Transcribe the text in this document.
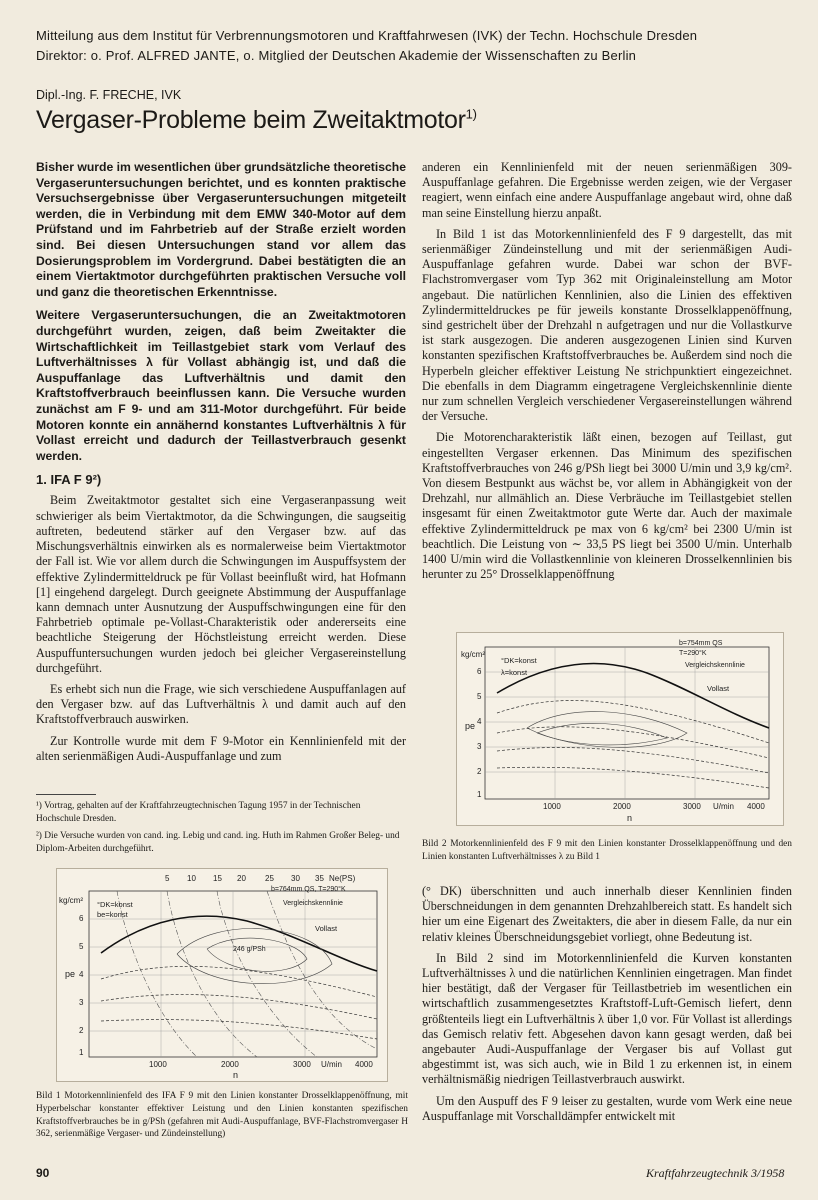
Mitteilung aus dem Institut für Verbrennungsmotoren und Kraftfahrwesen (IVK) der Techn. Hochschule Dresden
Direktor: o. Prof. ALFRED JANTE, o. Mitglied der Deutschen Akademie der Wissenschaften zu Berlin
Dipl.-Ing. F. FRECHE, IVK
Vergaser-Probleme beim Zweitaktmotor$^{1)}$
Bisher wurde im wesentlichen über grundsätzliche theoretische Vergaseruntersuchungen berichtet, und es konnten praktische Versuchsergebnisse über Vergaseruntersuchungen mitgeteilt werden, die in Verbindung mit dem EMW 340-Motor auf dem Prüfstand und im Fahrbetrieb auf der Straße erzielt worden sind. Bei diesen Untersuchungen stand vor allem das Dosierungsproblem im Vordergrund. Dabei bestätigten die an einem Viertaktmotor durchgeführten praktischen Versuche voll und ganz die theoretischen Erkenntnisse.
Weitere Vergaseruntersuchungen, die an Zweitaktmotoren durchgeführt wurden, zeigen, daß beim Zweitakter die Wirtschaftlichkeit im Teillastgebiet stark vom Verlauf des Luftverhältnisses λ für Vollast abhängig ist, und daß die Auspuffanlage das Luftverhältnis und damit den Kraftstoffverbrauch beeinflussen kann. Die Versuche wurden zunächst am F 9- und am 311-Motor durchgeführt. Für beide Motoren konnte ein annähernd konstantes Luftverhältnis λ für Vollast erreicht und dadurch der Teillastverbrauch gesenkt werden.
1. IFA F 9²)

Beim Zweitaktmotor gestaltet sich eine Vergaseranpassung weit schwieriger als beim Viertaktmotor, da die Schwingungen, die saugseitig auftreten, bedeutend stärker auf den Vergaser bzw. auf das Mischungsverhältnis einwirken als es normalerweise beim Viertaktmotor der Fall ist. Wie vor allem durch die Schwingungen im Auspuffsystem der effektive Zylindermitteldruck pe für Vollast beeinflußt wird, hat Hofmann [1] eingehend dargelegt. Durch geeignete Abstimmung der Auspuffanlage kann demnach unter Ausnutzung der Auspuffschwingungen eine für den Fahrbetrieb optimale pe-Vollast-Charakteristik oder andererseits eine beachtliche Steigerung der Höchstleistung erreicht werden. Diese Auspuffuntersuchungen wurden jedoch bei gleicher Vergasereinstellung durchgeführt.

Es erhebt sich nun die Frage, wie sich verschiedene Auspuffanlagen auf den Vergaser bzw. auf das Luftverhältnis λ und damit auch auf den Kraftstoffverbrauch auswirken.

Zur Kontrolle wurde mit dem F 9-Motor ein Kennlinienfeld mit der alten serienmäßigen Audi-Auspuffanlage und zum

¹) Vortrag, gehalten auf der Kraftfahrzeugtechnischen Tagung 1957 in der Technischen Hochschule Dresden.
²) Die Versuche wurden von cand. ing. Lebig und cand. ing. Huth im Rahmen Großer Beleg- und Diplom-Arbeiten durchgeführt.

anderen ein Kennlinienfeld mit der neuen serienmäßigen 309-Auspuffanlage gefahren. Die Ergebnisse werden zeigen, wie der Vergaser reagiert, wenn einfach eine andere Auspuffanlage angebaut wird, ohne daß man seine Einstellung hierzu anpaßt.

In Bild 1 ist das Motorkennlinienfeld des F 9 dargestellt, das mit serienmäßiger Zündeinstellung und mit der serienmäßigen Audi-Auspuffanlage gefahren wurde. Dabei war schon der BVF-Flachstromvergaser vom Typ 362 mit Originaleinstellung am Motor angebaut. Die natürlichen Kennlinien, also die Linien des effektiven Zylindermitteldruckes pe für jeweils konstante Drosselklappenöffnung, sind gestrichelt über der Drehzahl n aufgetragen und nur die Vollastkurve ist stark ausgezogen. Die anderen ausgezogenen Linien sind Kurven konstanten spezifischen Kraftstoffverbrauches be. Außerdem sind noch die Hyperbeln gleicher effektiver Leistung Ne strichpunktiert eingezeichnet. Die ebenfalls in dem Diagramm eingetragene Vergleichskennlinie diente nur zum schnellen Vergleich verschiedener Vergasereinstellungen während der Versuche.

Die Motorencharakteristik läßt einen, bezogen auf Teillast, gut eingestellten Vergaser erkennen. Das Minimum des spezifischen Kraftstoffverbrauches von 246 g/PSh liegt bei 3000 U/min und 3,9 kg/cm². Von diesem Bestpunkt aus wächst be, vor allem in Abhängigkeit von der Drehzahl, nur allmählich an. Diese Verbräuche im Teillastgebiet stellen insgesamt für einen Zweitaktmotor gute Werte dar. Auch der maximale effektive Zylindermitteldruck pe max von 6 kg/cm² bei 2300 U/min ist beachtlich. Die Leistung von ∼ 33,5 PS liegt bei 3500 U/min. Unterhalb 1400 U/min wird die Vollastkennlinie von kleineren Drosselkennlinien bis herunter zu 25° Drosselklappenöffnung

kg/cm²
pe
6
5
4
3
2
1
1000	2000	3000 U/min 4000
n
°DK=konst
λ=konst
b=754mm QS
T=290°K
Vergleichskennlinie
Vollast
Bild 2 Motorkennlinienfeld des F 9 mit den Linien konstanter Drosselklappenöffnung und den Linien konstanten Luftverhältnisses λ zu Bild 1

(° DK) überschnitten und auch innerhalb dieser Kennlinien finden Überschneidungen in dem genannten Drehzahlbereich statt. Es handelt sich hier um eine Eigenart des Zweitakters, die aber in diesem Falle, da nur ein relativ kleines Überschneidungsgebiet vorliegt, ohne Bedeutung ist.

In Bild 2 sind im Motorkennlinienfeld die Kurven konstanten Luftverhältnisses λ und die natürlichen Kennlinien eingetragen. Man findet hier bestätigt, daß der Vergaser für Teillastbetrieb im wesentlichen ein wirtschaftlich zusammengesetztes Kraftstoff-Luft-Gemisch liefert, denn größtenteils liegt ein Luftverhältnis λ über 1,0 vor. Für Vollast ist allerdings das Gemisch relativ fett. Abgesehen davon kann gesagt werden, daß bei angebauter Audi-Auspuffanlage der Vergaser bis auf Vollast gut abgestimmt ist, was sich auch, wie in Bild 1 zu erkennen ist, in einem verhältnismäßig niedrigen Teillastverbrauch auswirkt.

Um den Auspuff des F 9 leiser zu gestalten, wurde vom Werk eine neue Auspuffanlage mit Vorschalldämpfer entwickelt mit

5 10 15 20 25 30 35 Ne(PS)
kg/cm²
pe
6
5
4
3
2
1
1000	2000	3000 U/min 4000
n
°DK=konst
be=konst
b=764mm QS, T=290°K
Vergleichskennlinie
Vollast
246 g/PSh
Bild 1 Motorkennlinienfeld des IFA F 9 mit den Linien konstanter Drosselklappenöffnung, mit Hyperbelschar konstanter effektiver Leistung und den Linien konstanten spezifischen Kraftstoffverbrauches be in g/PSh (gefahren mit Audi-Auspuffanlage, BVF-Flachstromvergaser H 362, serienmäßige Vergaser- und Zündeinstellung)
90	Kraftfahrzeugtechnik 3/1958
